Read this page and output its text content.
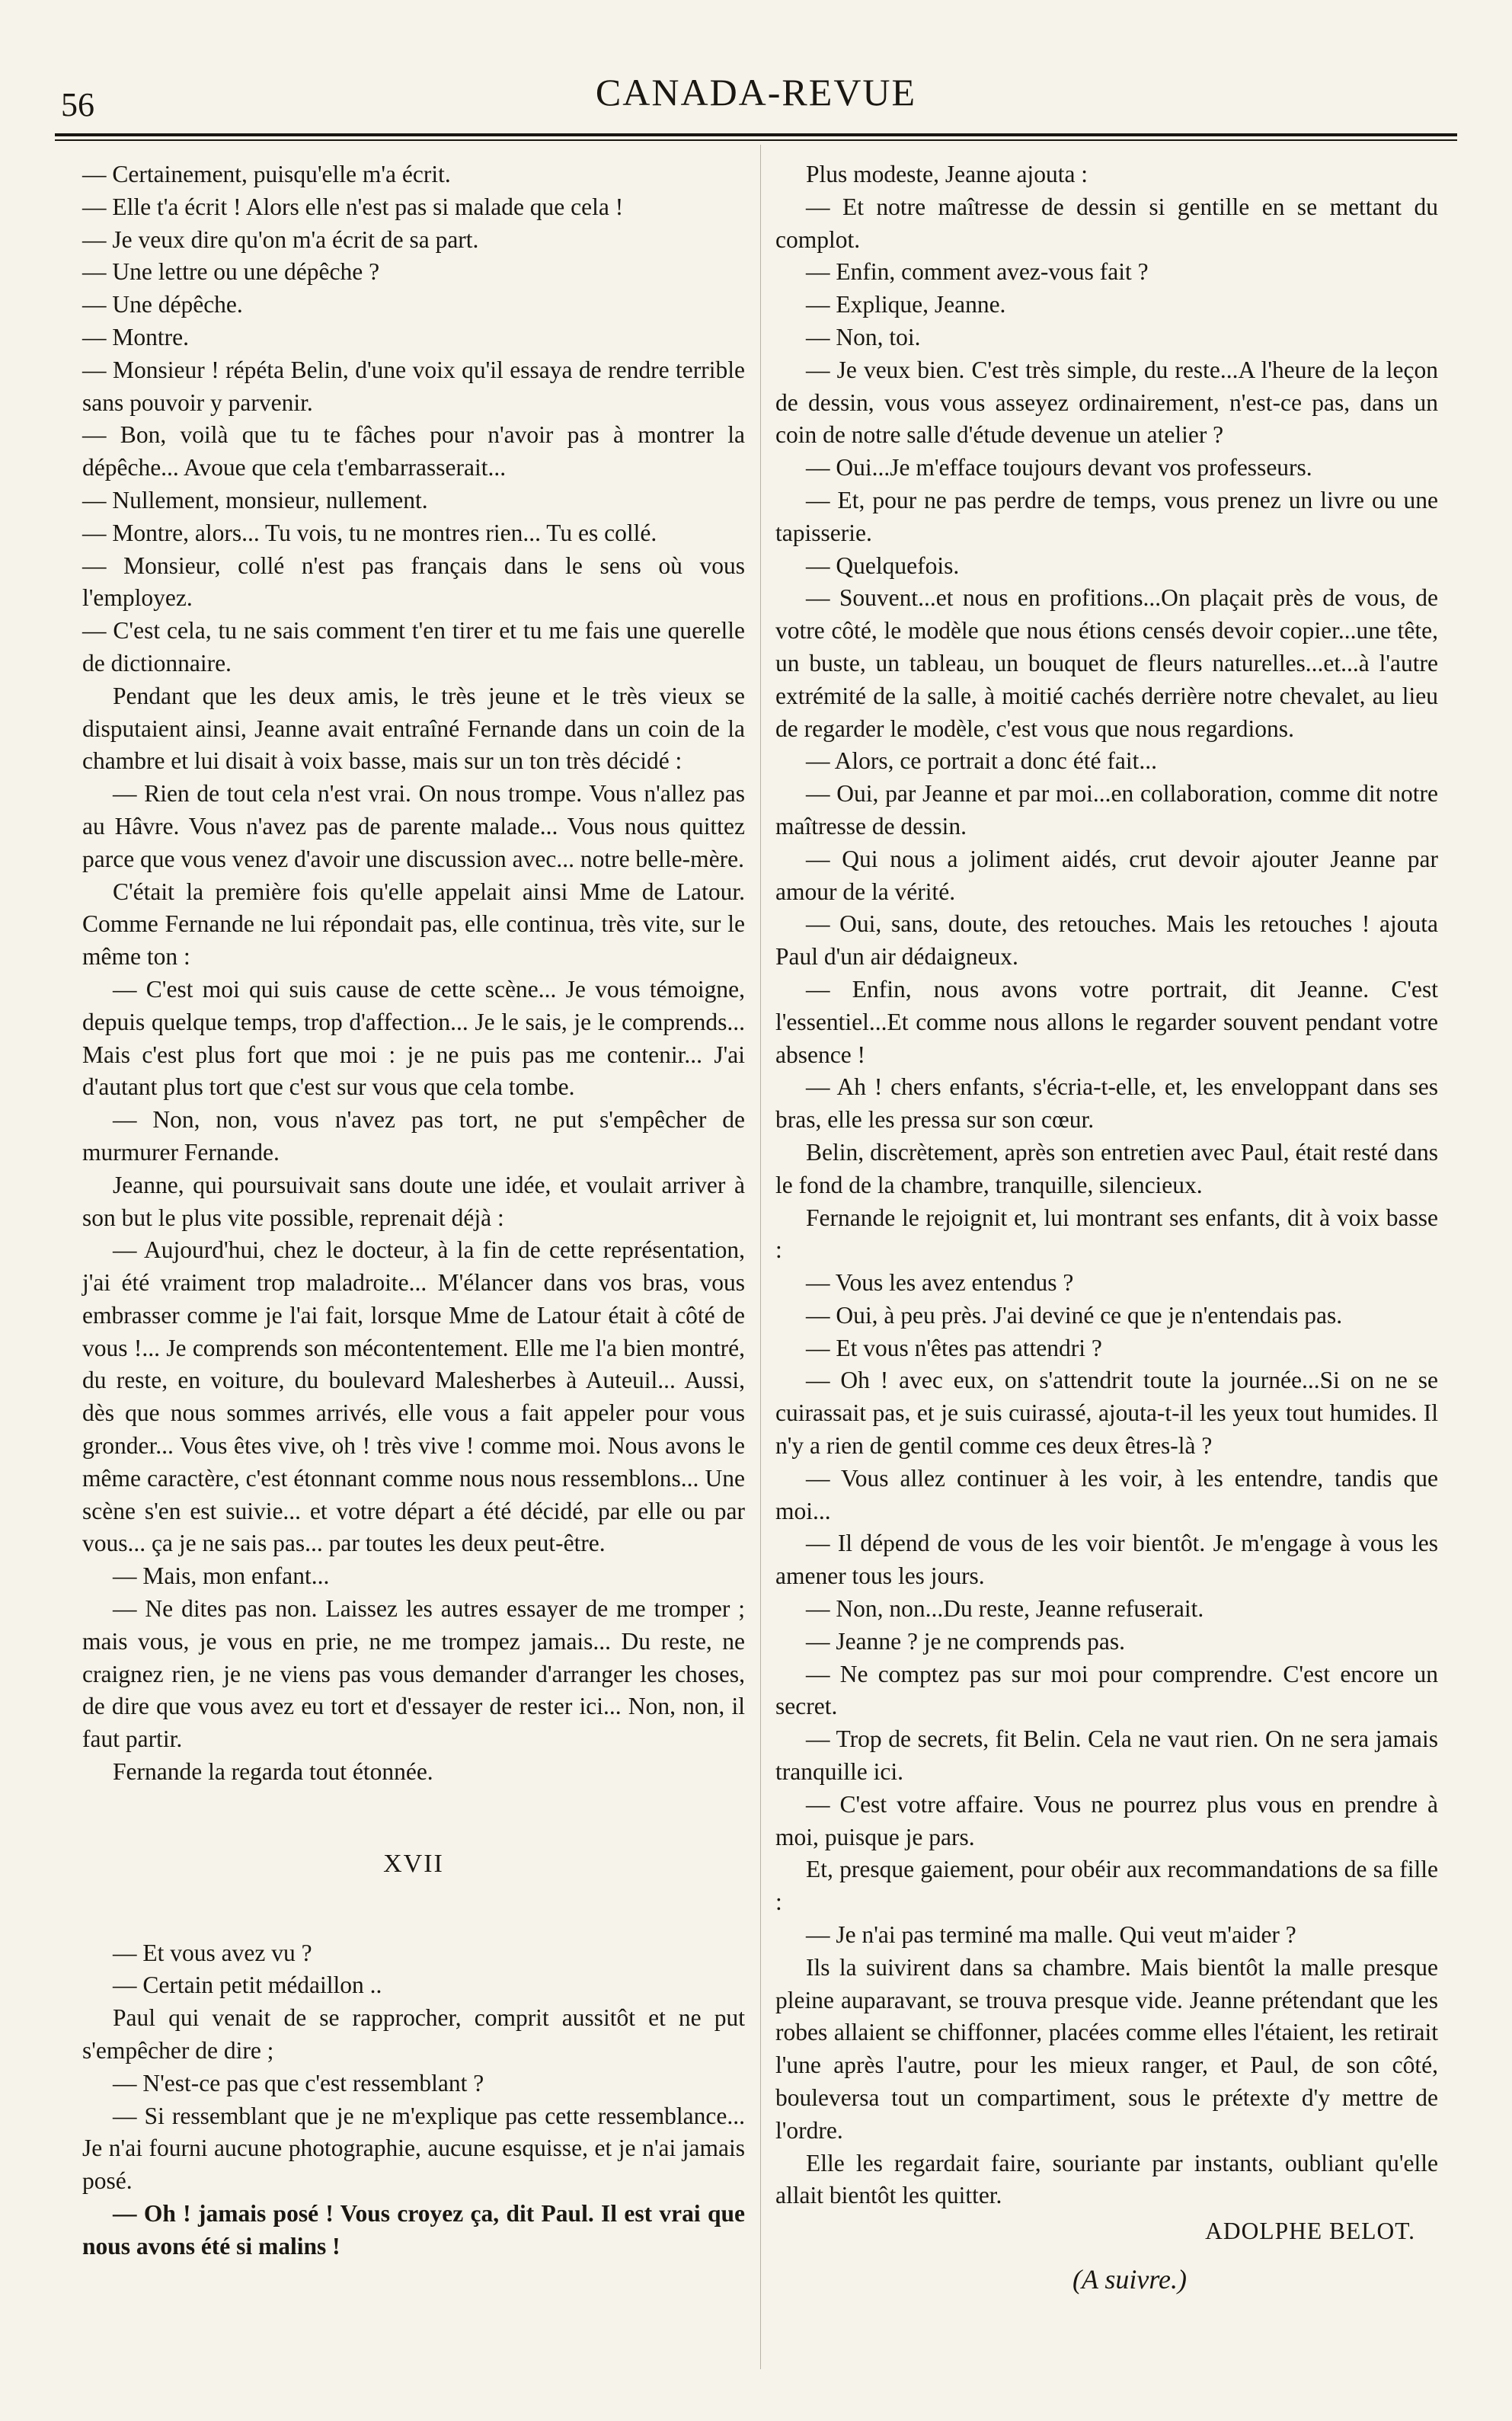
56	CANADA-REVUE

— Certainement, puisqu'elle m'a écrit.

— Elle t'a écrit ! Alors elle n'est pas si malade que cela !

— Je veux dire qu'on m'a écrit de sa part.

— Une lettre ou une dépêche ?

— Une dépêche.

— Montre.

— Monsieur ! répéta Belin, d'une voix qu'il essaya de rendre terrible sans pouvoir y parvenir.

— Bon, voilà que tu te fâches pour n'avoir pas à montrer la dépêche... Avoue que cela t'embarrasserait...

— Nullement, monsieur, nullement.

— Montre, alors... Tu vois, tu ne montres rien... Tu es collé.

— Monsieur, collé n'est pas français dans le sens où vous l'employez.

— C'est cela, tu ne sais comment t'en tirer et tu me fais une querelle de dictionnaire.

Pendant que les deux amis, le très jeune et le très vieux se disputaient ainsi, Jeanne avait entraîné Fernande dans un coin de la chambre et lui disait à voix basse, mais sur un ton très décidé :

— Rien de tout cela n'est vrai. On nous trompe. Vous n'allez pas au Hâvre. Vous n'avez pas de parente malade... Vous nous quittez parce que vous venez d'avoir une discussion avec... notre belle-mère.

C'était la première fois qu'elle appelait ainsi Mme de Latour. Comme Fernande ne lui répondait pas, elle continua, très vite, sur le même ton :

— C'est moi qui suis cause de cette scène... Je vous témoigne, depuis quelque temps, trop d'affection... Je le sais, je le comprends... Mais c'est plus fort que moi : je ne puis pas me contenir... J'ai d'autant plus tort que c'est sur vous que cela tombe.

— Non, non, vous n'avez pas tort, ne put s'empêcher de murmurer Fernande.

Jeanne, qui poursuivait sans doute une idée, et voulait arriver à son but le plus vite possible, reprenait déjà :

— Aujourd'hui, chez le docteur, à la fin de cette représentation, j'ai été vraiment trop maladroite... M'élancer dans vos bras, vous embrasser comme je l'ai fait, lorsque Mme de Latour était à côté de vous !... Je comprends son mécontentement. Elle me l'a bien montré, du reste, en voiture, du boulevard Malesherbes à Auteuil... Aussi, dès que nous sommes arrivés, elle vous a fait appeler pour vous gronder... Vous êtes vive, oh ! très vive ! comme moi. Nous avons le même caractère, c'est étonnant comme nous nous ressemblons... Une scène s'en est suivie... et votre départ a été décidé, par elle ou par vous... ça je ne sais pas... par toutes les deux peut-être.

— Mais, mon enfant...

— Ne dites pas non. Laissez les autres essayer de me tromper ; mais vous, je vous en prie, ne me trompez jamais... Du reste, ne craignez rien, je ne viens pas vous demander d'arranger les choses, de dire que vous avez eu tort et d'essayer de rester ici... Non, non, il faut partir.

Fernande la regarda tout étonnée.

XVII

— Et vous avez vu ?

— Certain petit médaillon ..

Paul qui venait de se rapprocher, comprit aussitôt et ne put s'empêcher de dire ;

— N'est-ce pas que c'est ressemblant ?

— Si ressemblant que je ne m'explique pas cette ressemblance... Je n'ai fourni aucune photographie, aucune esquisse, et je n'ai jamais posé.

— Oh ! jamais posé ! Vous croyez ça, dit Paul. Il est vrai que nous avons été si malins !

Plus modeste, Jeanne ajouta :

— Et notre maîtresse de dessin si gentille en se mettant du complot.

— Enfin, comment avez-vous fait ?

— Explique, Jeanne.

— Non, toi.

— Je veux bien. C'est très simple, du reste...A l'heure de la leçon de dessin, vous vous asseyez ordinairement, n'est-ce pas, dans un coin de notre salle d'étude devenue un atelier ?

— Oui...Je m'efface toujours devant vos professeurs.

— Et, pour ne pas perdre de temps, vous prenez un livre ou une tapisserie.

— Quelquefois.

— Souvent...et nous en profitions...On plaçait près de vous, de votre côté, le modèle que nous étions censés devoir copier...une tête, un buste, un tableau, un bouquet de fleurs naturelles...et...à l'autre extrémité de la salle, à moitié cachés derrière notre chevalet, au lieu de regarder le modèle, c'est vous que nous regardions.

— Alors, ce portrait a donc été fait...

— Oui, par Jeanne et par moi...en collaboration, comme dit notre maîtresse de dessin.

— Qui nous a joliment aidés, crut devoir ajouter Jeanne par amour de la vérité.

— Oui, sans, doute, des retouches. Mais les retouches ! ajouta Paul d'un air dédaigneux.

— Enfin, nous avons votre portrait, dit Jeanne. C'est l'essentiel...Et comme nous allons le regarder souvent pendant votre absence !

— Ah ! chers enfants, s'écria-t-elle, et, les enveloppant dans ses bras, elle les pressa sur son cœur.

Belin, discrètement, après son entretien avec Paul, était resté dans le fond de la chambre, tranquille, silencieux.

Fernande le rejoignit et, lui montrant ses enfants, dit à voix basse :

— Vous les avez entendus ?

— Oui, à peu près. J'ai deviné ce que je n'entendais pas.

— Et vous n'êtes pas attendri ?

— Oh ! avec eux, on s'attendrit toute la journée...Si on ne se cuirassait pas, et je suis cuirassé, ajouta-t-il les yeux tout humides. Il n'y a rien de gentil comme ces deux êtres-là ?

— Vous allez continuer à les voir, à les entendre, tandis que moi...

— Il dépend de vous de les voir bientôt. Je m'engage à vous les amener tous les jours.

— Non, non...Du reste, Jeanne refuserait.

— Jeanne ? je ne comprends pas.

— Ne comptez pas sur moi pour comprendre. C'est encore un secret.

— Trop de secrets, fit Belin. Cela ne vaut rien. On ne sera jamais tranquille ici.

— C'est votre affaire. Vous ne pourrez plus vous en prendre à moi, puisque je pars.

Et, presque gaiement, pour obéir aux recommandations de sa fille :

— Je n'ai pas terminé ma malle. Qui veut m'aider ?

Ils la suivirent dans sa chambre. Mais bientôt la malle presque pleine auparavant, se trouva presque vide. Jeanne prétendant que les robes allaient se chiffonner, placées comme elles l'étaient, les retirait l'une après l'autre, pour les mieux ranger, et Paul, de son côté, bouleversa tout un compartiment, sous le prétexte d'y mettre de l'ordre.

Elle les regardait faire, souriante par instants, oubliant qu'elle allait bientôt les quitter.

ADOLPHE BELOT.
(A suivre.)
